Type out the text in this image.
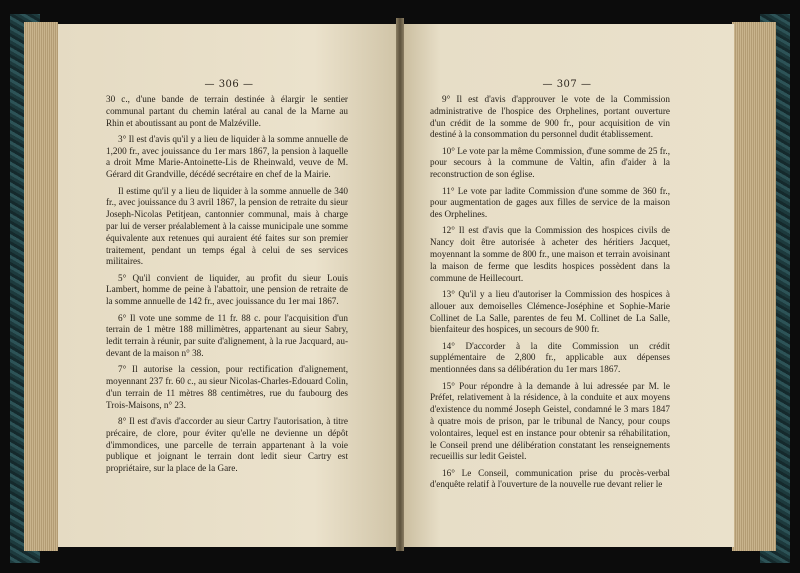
— 306 —

30 c., d'une bande de terrain destinée à élargir le sentier communal partant du chemin latéral au canal de la Marne au Rhin et aboutissant au pont de Malzéville.

3° Il est d'avis qu'il y a lieu de liquider à la somme annuelle de 1,200 fr., avec jouissance du 1er mars 1867, la pension à laquelle a droit Mme Marie-Antoinette-Lis de Rheinwald, veuve de M. Gérard dit Grandville, décédé secrétaire en chef de la Mairie.

Il estime qu'il y a lieu de liquider à la somme annuelle de 340 fr., avec jouissance du 3 avril 1867, la pension de retraite du sieur Joseph-Nicolas Petitjean, cantonnier communal, mais à charge par lui de verser préalablement à la caisse municipale une somme équivalente aux retenues qui auraient été faites sur son premier traitement, pendant un temps égal à celui de ses services militaires.

5° Qu'il convient de liquider, au profit du sieur Louis Lambert, homme de peine à l'abattoir, une pension de retraite de la somme annuelle de 142 fr., avec jouissance du 1er mai 1867.

6° Il vote une somme de 11 fr. 88 c. pour l'acquisition d'un terrain de 1 mètre 188 millimètres, appartenant au sieur Sabry, ledit terrain à réunir, par suite d'alignement, à la rue Jacquard, au-devant de la maison n° 38.

7° Il autorise la cession, pour rectification d'alignement, moyennant 237 fr. 60 c., au sieur Nicolas-Charles-Edouard Colin, d'un terrain de 11 mètres 88 centimètres, rue du faubourg des Trois-Maisons, n° 23.

8° Il est d'avis d'accorder au sieur Cartry l'autorisation, à titre précaire, de clore, pour éviter qu'elle ne devienne un dépôt d'immondices, une parcelle de terrain appartenant à la voie publique et joignant le terrain dont ledit sieur Cartry est propriétaire, sur la place de la Gare.

— 307 —

9° Il est d'avis d'approuver le vote de la Commission administrative de l'hospice des Orphelines, portant ouverture d'un crédit de la somme de 900 fr., pour acquisition de vin destiné à la consommation du personnel dudit établissement.

10° Le vote par la même Commission, d'une somme de 25 fr., pour secours à la commune de Valtin, afin d'aider à la reconstruction de son église.

11° Le vote par ladite Commission d'une somme de 360 fr., pour augmentation de gages aux filles de service de la maison des Orphelines.

12° Il est d'avis que la Commission des hospices civils de Nancy doit être autorisée à acheter des héritiers Jacquet, moyennant la somme de 800 fr., une maison et terrain avoisinant la maison de ferme que lesdits hospices possèdent dans la commune de Heillecourt.

13° Qu'il y a lieu d'autoriser la Commission des hospices à allouer aux demoiselles Clémence-Joséphine et Sophie-Marie Collinet de La Salle, parentes de feu M. Collinet de La Salle, bienfaiteur des hospices, un secours de 900 fr.

14° D'accorder à la dite Commission un crédit supplémentaire de 2,800 fr., applicable aux dépenses mentionnées dans sa délibération du 1er mars 1867.

15° Pour répondre à la demande à lui adressée par M. le Préfet, relativement à la résidence, à la conduite et aux moyens d'existence du nommé Joseph Geistel, condamné le 3 mars 1847 à quatre mois de prison, par le tribunal de Nancy, pour coups volontaires, lequel est en instance pour obtenir sa réhabilitation, le Conseil prend une délibération constatant les renseignements recueillis sur ledit Geistel.

16° Le Conseil, communication prise du procès-verbal d'enquête relatif à l'ouverture de la nouvelle rue devant relier le
